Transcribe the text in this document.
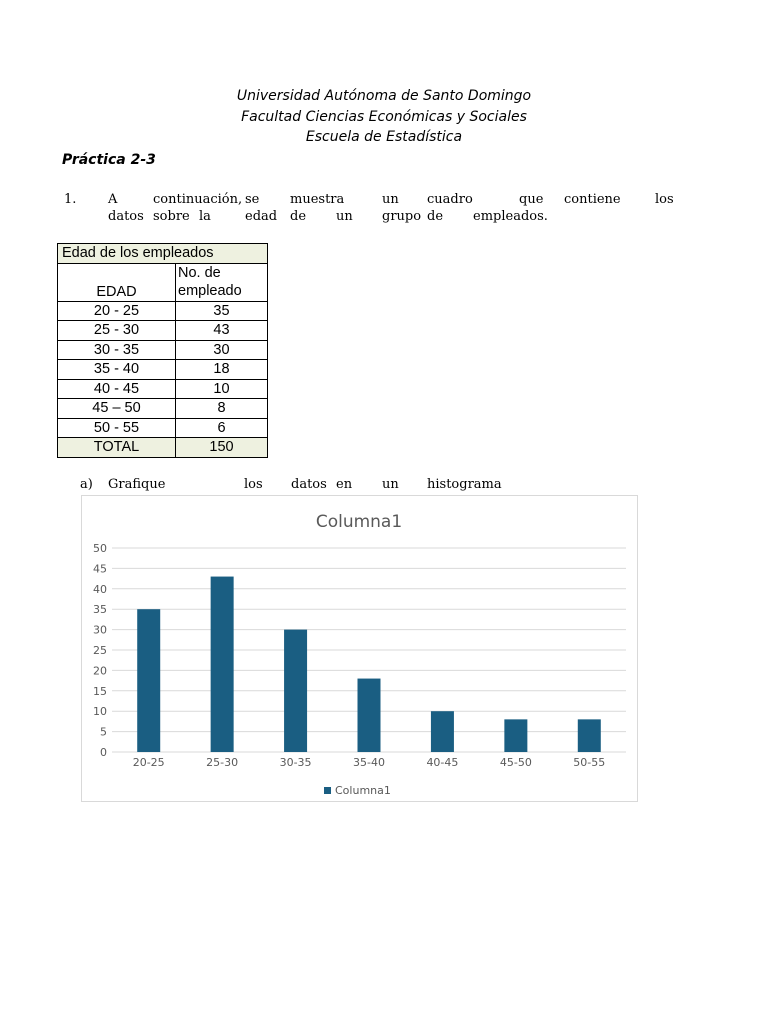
Universidad Autónoma de Santo Domingo
Facultad Ciencias Económicas y Sociales
Escuela de Estadística
Práctica 2-3
1. A	continuación, se muestra	un cuadro	que contiene	los
datos sobre la	edad de un grupo de empleados.
Edad de los empleados	
EDAD	No. de
empleado

20 - 25	35
25 - 30	43
30 - 35	30
35 - 40	18
40 - 45	10
45 – 50	8
50 - 55	6
TOTAL	150
a) Grafique	los datos en un histograma
Columna1
20-25	25-30	30-35	35-40	40-45	45-50	50-55
0
5
10
15
20
25
30
35
40
45
50
Columna1
